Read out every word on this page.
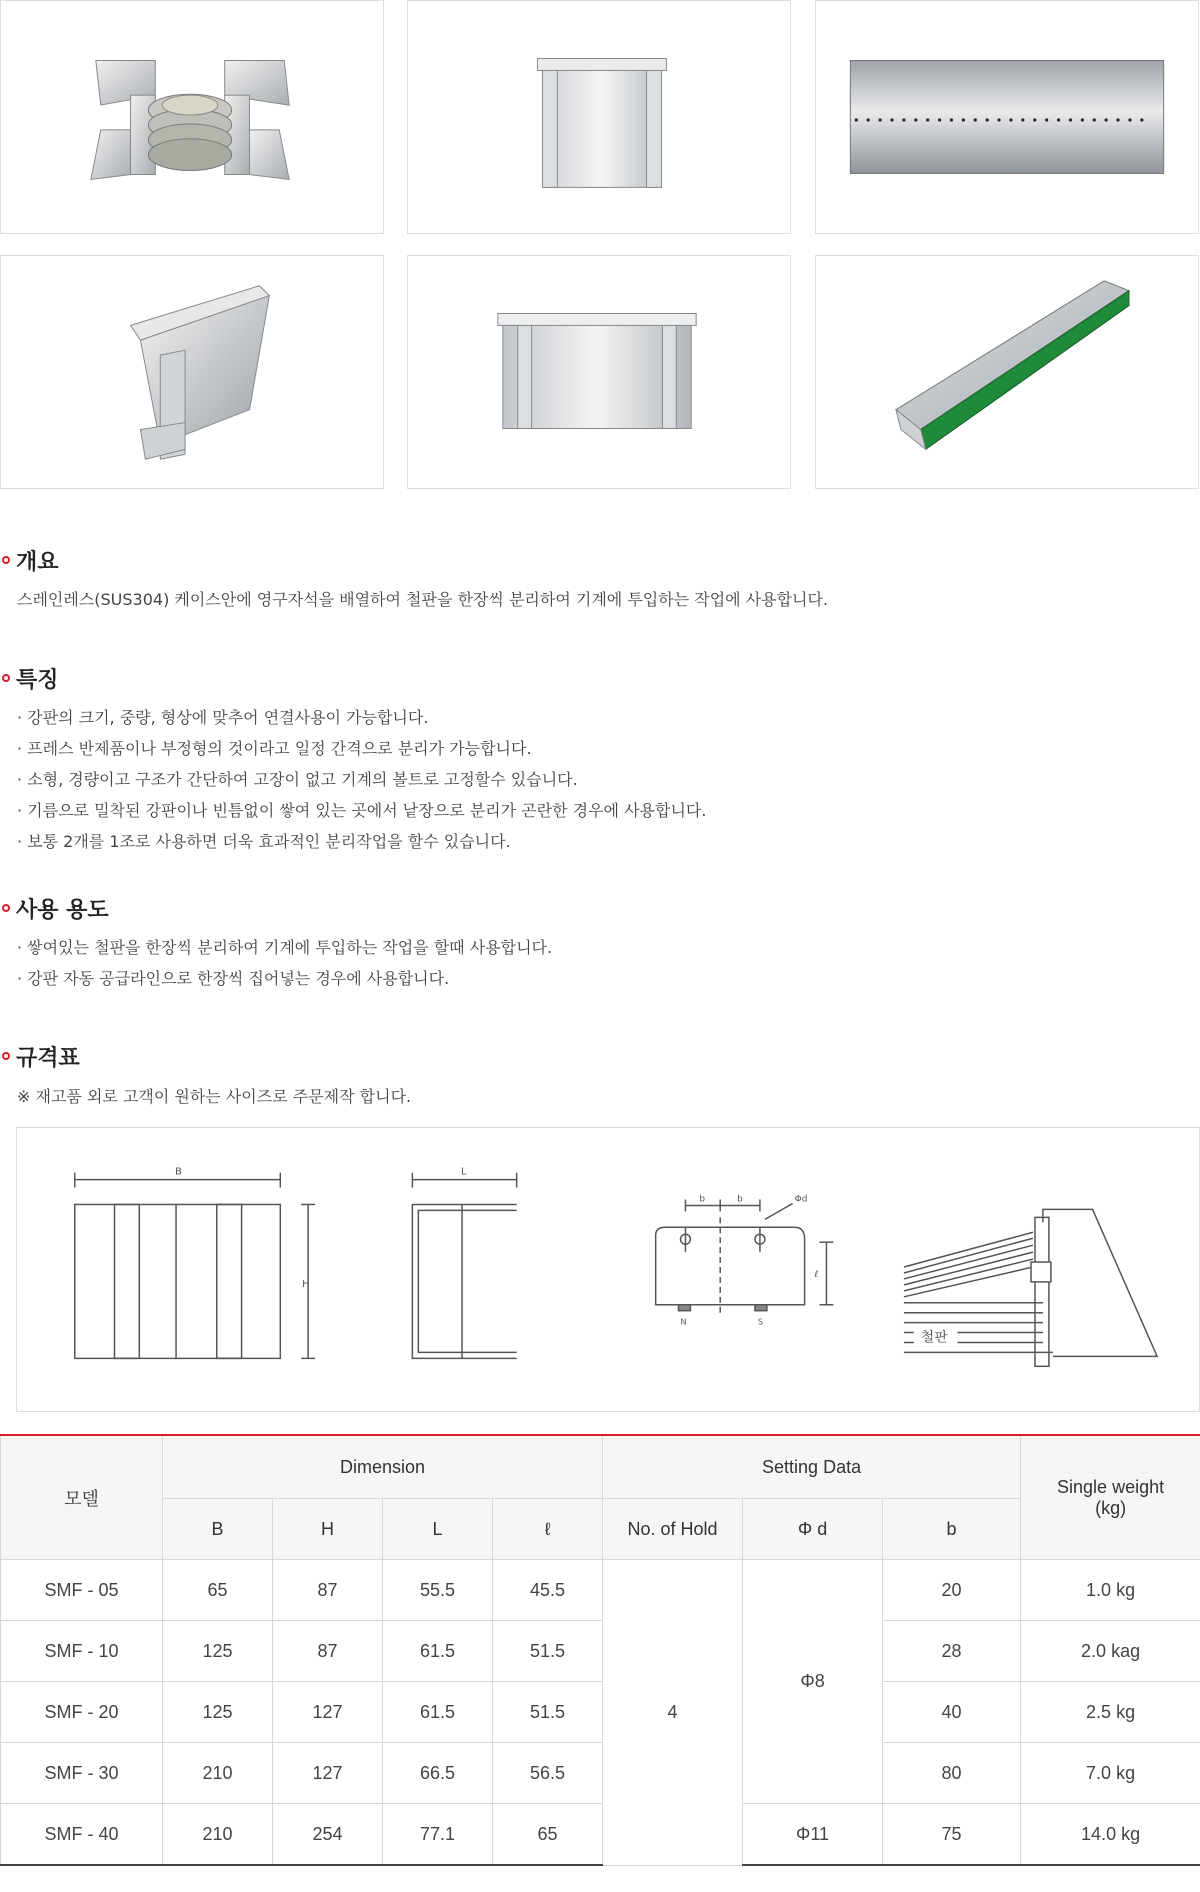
개요
스레인레스(SUS304) 케이스안에 영구자석을 배열하여 철판을 한장씩 분리하여 기계에 투입하는 작업에 사용합니다.
특징
· 강판의 크기, 중량, 형상에 맞추어 연결사용이 가능합니다.
· 프레스 반제품이나 부정형의 것이라고 일정 간격으로 분리가 가능합니다.
· 소형, 경량이고 구조가 간단하여 고장이 없고 기계의 볼트로 고정할수 있습니다.
· 기름으로 밀착된 강판이나 빈틈없이 쌓여 있는 곳에서 낱장으로 분리가 곤란한 경우에 사용합니다.
· 보통 2개를 1조로 사용하면 더욱 효과적인 분리작업을 할수 있습니다.
사용 용도
· 쌓여있는 철판을 한장씩 분리하여 기계에 투입하는 작업을 할때 사용합니다.
· 강판 자동 공급라인으로 한장씩 집어넣는 경우에 사용합니다.
규격표
※ 재고품 외로 고객이 원하는 사이즈로 주문제작 합니다.
B
H
L
b	b	Φd
ℓ
N	S
철판
모델	Dimension				Setting Data			Single weight
(kg)
	B	H	L	ℓ	No. of Hold	Φ d	b	
SMF - 05	65	87	55.5	45.5	4	Φ8	20	1.0 kg
SMF - 10	125	87	61.5	51.5			28	2.0 kag
SMF - 20	125	127	61.5	51.5			40	2.5 kg
SMF - 30	210	127	66.5	56.5			80	7.0 kg
SMF - 40	210	254	77.1	65		Φ11	75	14.0 kg
